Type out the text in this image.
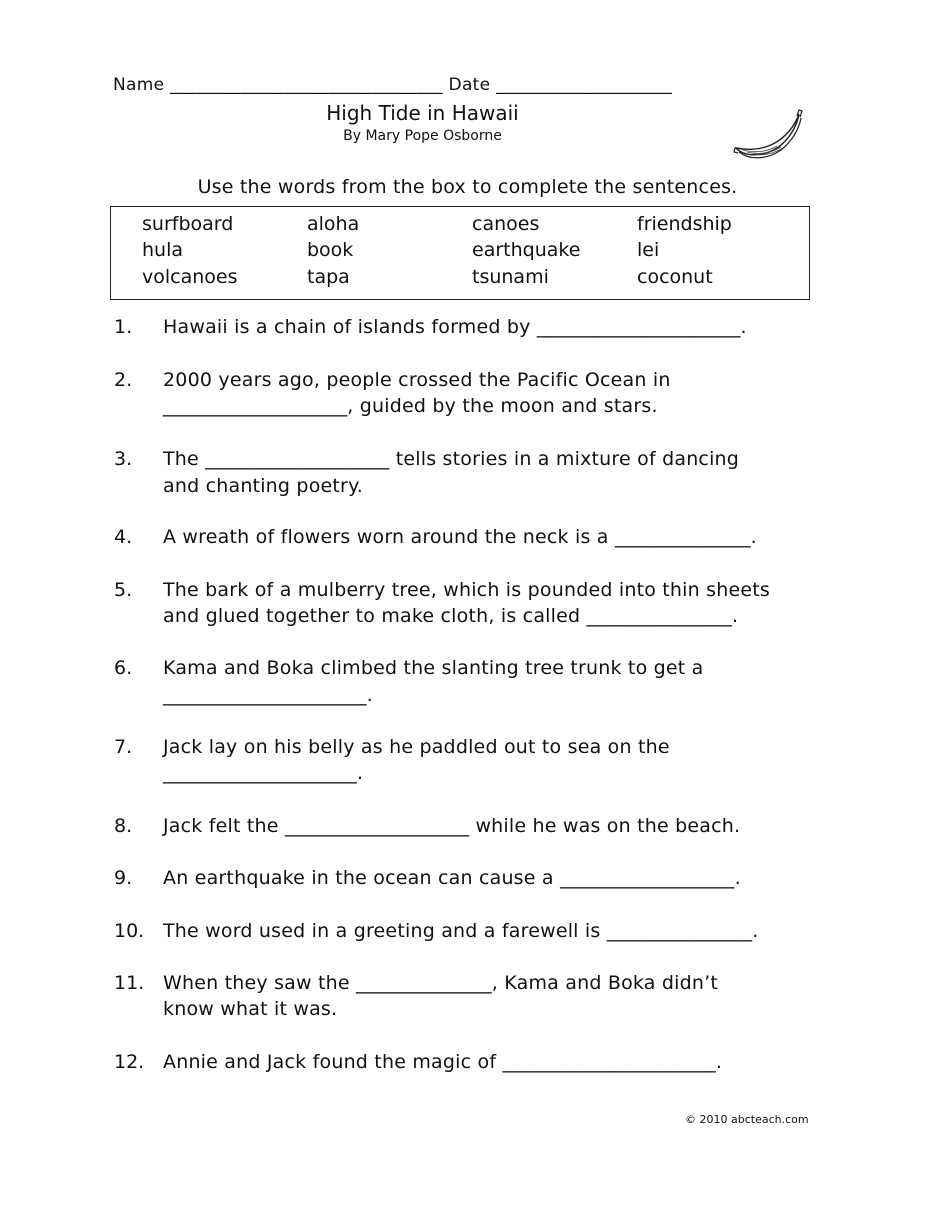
Name _______________________________ Date ____________________
High Tide in Hawaii
By Mary Pope Osborne
Use the words from the box to complete the sentences.
surfboard	aloha	canoes	friendship
hula	book	earthquake	lei
volcanoes	tapa	tsunami	coconut
1. Hawaii is a chain of islands formed by _____________________.
2. 2000 years ago, people crossed the Pacific Ocean in
___________________, guided by the moon and stars.
3. The ___________________ tells stories in a mixture of dancing
and chanting poetry.
4. A wreath of flowers worn around the neck is a ______________.
5. The bark of a mulberry tree, which is pounded into thin sheets
and glued together to make cloth, is called _______________.
6. Kama and Boka climbed the slanting tree trunk to get a
_____________________.
7. Jack lay on his belly as he paddled out to sea on the
____________________.
8. Jack felt the ___________________ while he was on the beach.
9. An earthquake in the ocean can cause a __________________.
10. The word used in a greeting and a farewell is _______________.
11. When they saw the ______________, Kama and Boka didn’t
know what it was.
12. Annie and Jack found the magic of ______________________.
© 2010 abcteach.com
